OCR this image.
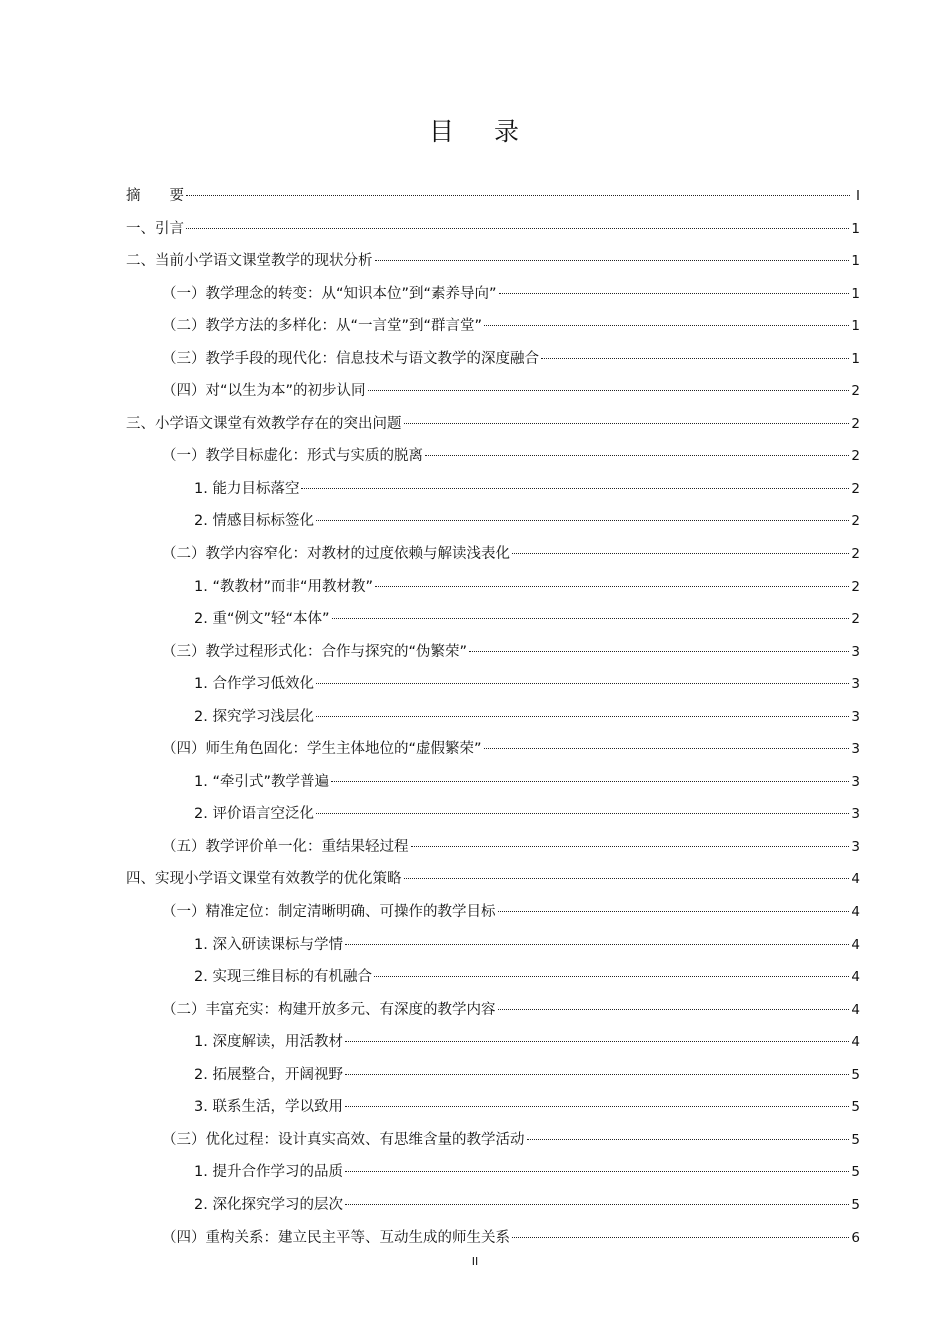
目 录
摘　　要	I
一、引言	1
二、当前小学语文课堂教学的现状分析	1
（一）教学理念的转变：从“知识本位”到“素养导向”	1
（二）教学方法的多样化：从“一言堂”到“群言堂”	1
（三）教学手段的现代化：信息技术与语文教学的深度融合	1
（四）对“以生为本”的初步认同	2
三、小学语文课堂有效教学存在的突出问题	2
（一）教学目标虚化：形式与实质的脱离	2
1. 能力目标落空	2
2. 情感目标标签化	2
（二）教学内容窄化：对教材的过度依赖与解读浅表化	2
1. “教教材”而非“用教材教”	2
2. 重“例文”轻“本体”	2
（三）教学过程形式化：合作与探究的“伪繁荣”	3
1. 合作学习低效化	3
2. 探究学习浅层化	3
（四）师生角色固化：学生主体地位的“虚假繁荣”	3
1. “牵引式”教学普遍	3
2. 评价语言空泛化	3
（五）教学评价单一化：重结果轻过程	3
四、实现小学语文课堂有效教学的优化策略	4
（一）精准定位：制定清晰明确、可操作的教学目标	4
1. 深入研读课标与学情	4
2. 实现三维目标的有机融合	4
（二）丰富充实：构建开放多元、有深度的教学内容	4
1. 深度解读，用活教材	4
2. 拓展整合，开阔视野	5
3. 联系生活，学以致用	5
（三）优化过程：设计真实高效、有思维含量的教学活动	5
1. 提升合作学习的品质	5
2. 深化探究学习的层次	5
（四）重构关系：建立民主平等、互动生成的师生关系	6
II
